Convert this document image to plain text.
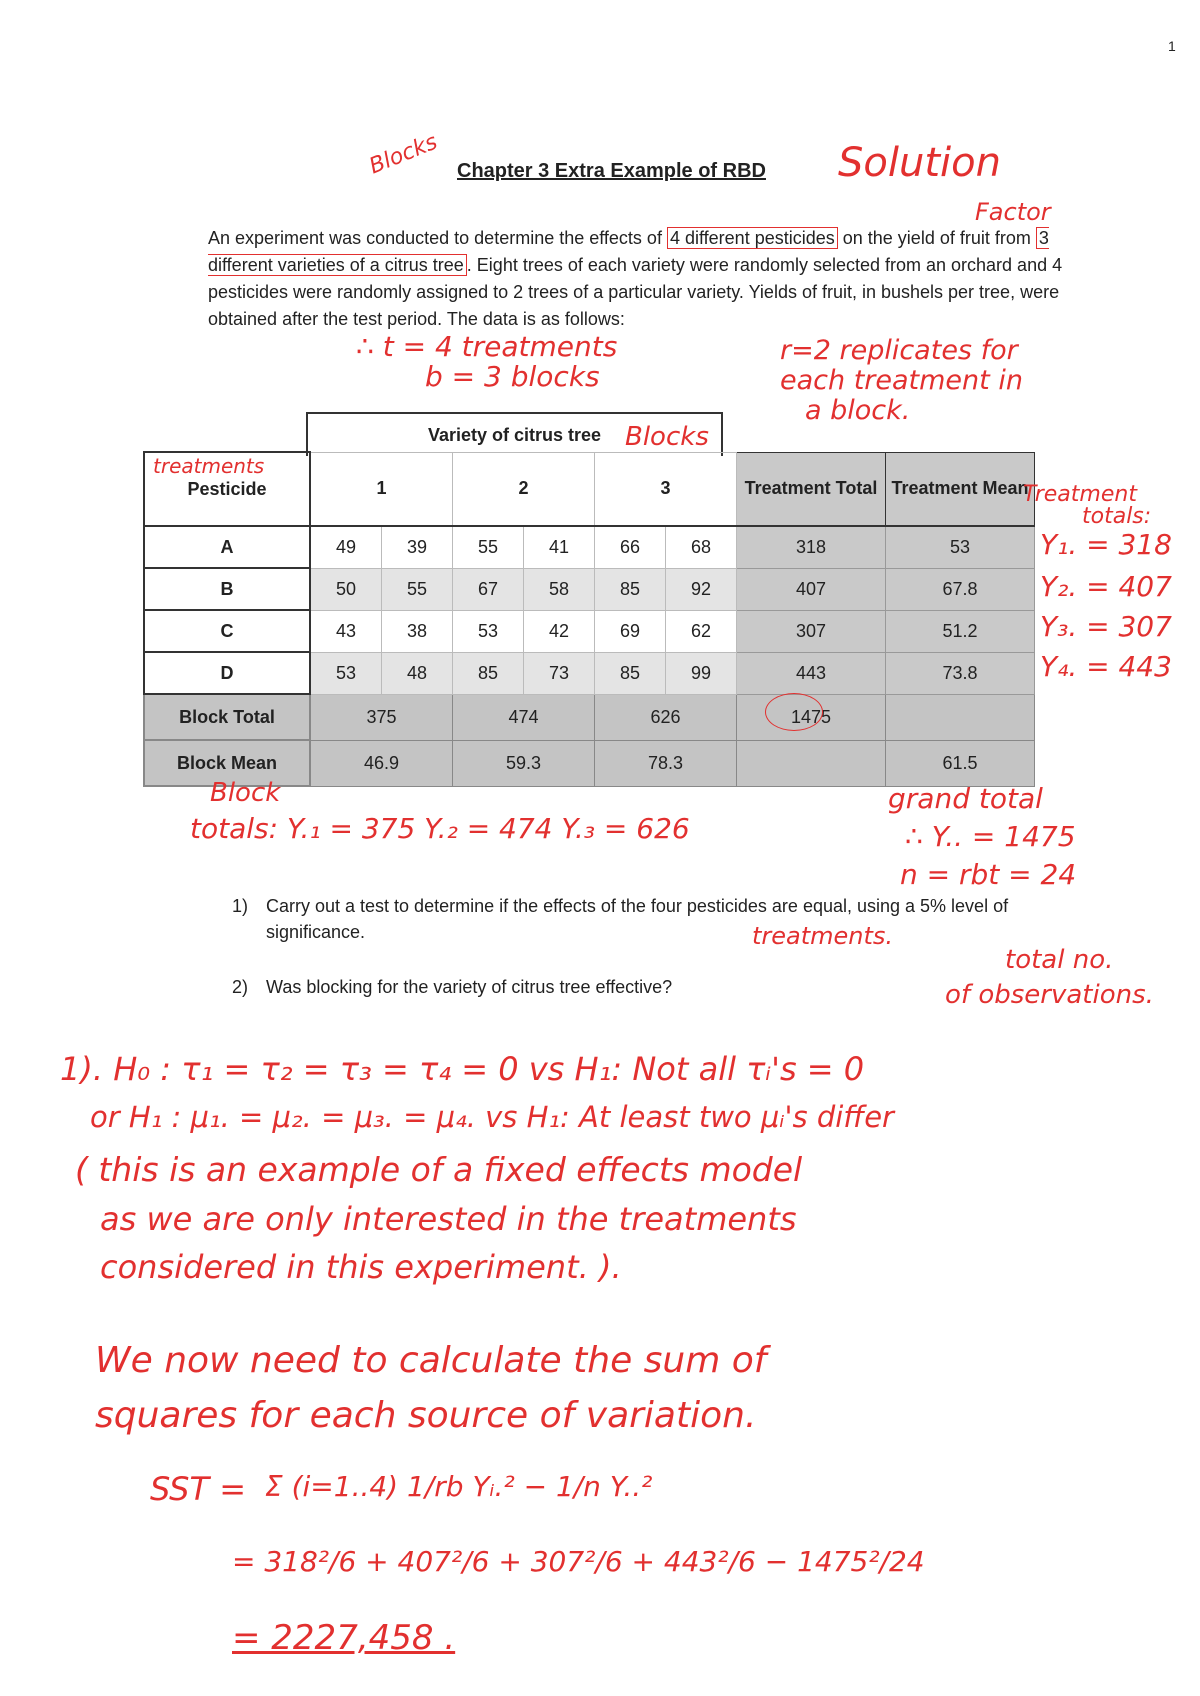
1
Chapter 3 Extra Example of RBD Solution
Blocks
Factor
An experiment was conducted to determine the effects of 4 different pesticides on the yield of fruit from 3 different varieties of a citrus tree . Eight trees of each variety were randomly selected from an orchard and 4 pesticides were randomly assigned to 2 trees of a particular variety. Yields of fruit, in bushels per tree, were obtained after the test period. The data is as follows:
∴ t = 4 treatments
b = 3 blocks
r=2 replicates for
each treatment in
a block.
Variety of citrus tree Blocks
Pesticide	1		2		3		Treatment Total	Treatment Mean
A	49	39	55	41	66	68	318	53
B	50	55	67	58	85	92	407	67.8
C	43	38	53	42	69	62	307	51.2
D	53	48	85	73	85	99	443	73.8
Block Total	375		474		626		1475	
Block Mean	46.9		59.3		78.3			61.5
treatments
Treatment
totals:
Y₁. = 318
Y₂. = 407
Y₃. = 307
Y₄. = 443
Block
totals: Y.₁ = 375 Y.₂ = 474 Y.₃ = 626
grand total
∴ Y.. = 1475
n = rbt = 24
1) Carry out a test to determine if the effects of the four pesticides are equal, using a 5% level of significance.	treatments.
total no.
of observations.
2) Was blocking for the variety of citrus tree effective?
1). H₀ : τ₁ = τ₂ = τ₃ = τ₄ = 0 vs H₁: Not all τᵢ's = 0
or H₁ : μ₁. = μ₂. = μ₃. = μ₄. vs H₁: At least two μᵢ's differ
( this is an example of a fixed effects model
as we are only interested in the treatments
considered in this experiment. ).
We now need to calculate the sum of
squares for each source of variation.
SST = Σ (i=1..4) 1/rb Yᵢ.² − 1/n Y..²
= 318²/6 + 407²/6 + 307²/6 + 443²/6 − 1475²/24
= 2227,458 .
